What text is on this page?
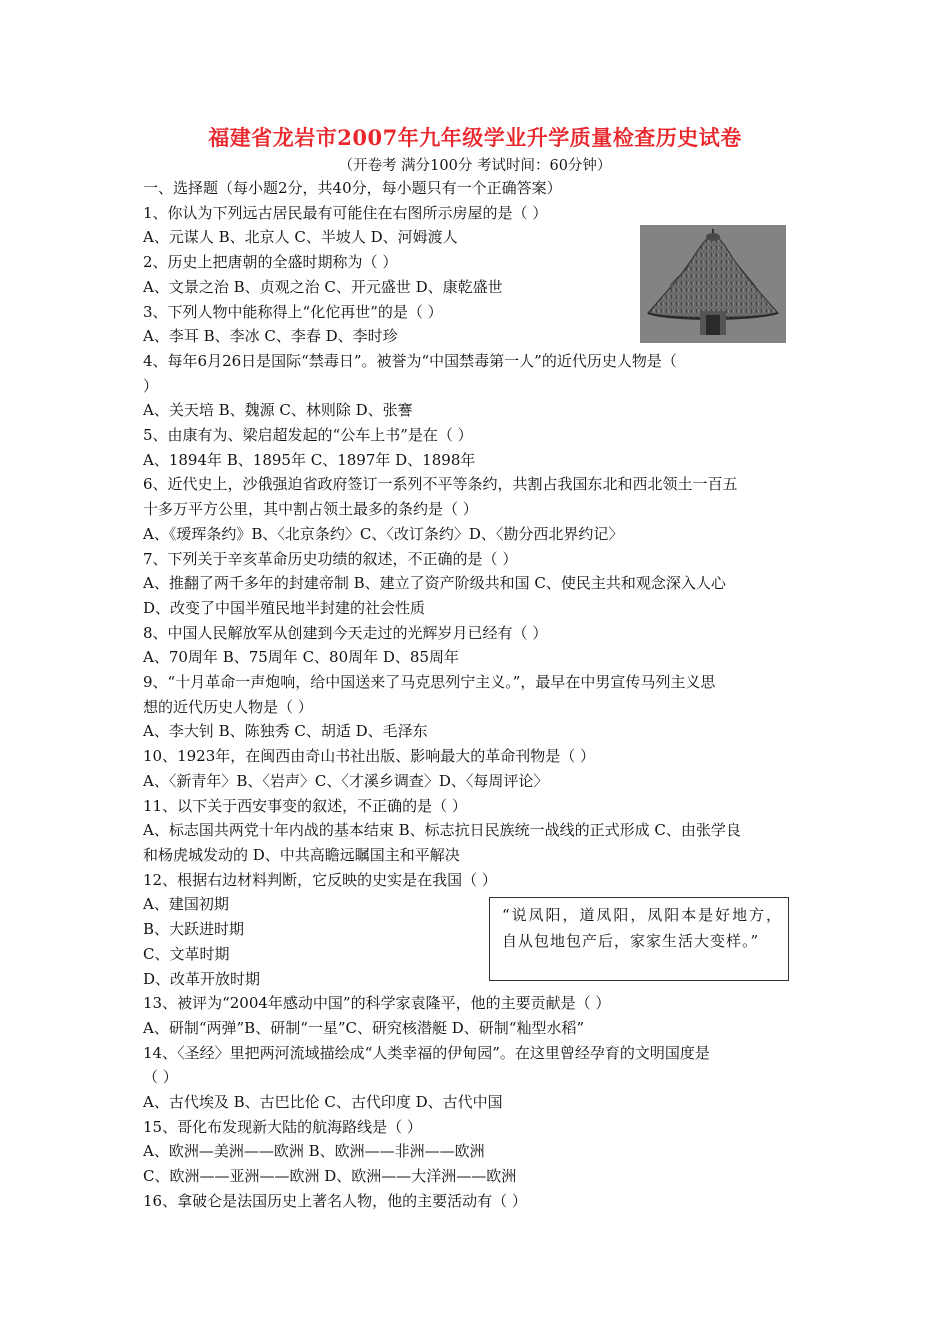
福建省龙岩市2007年九年级学业升学质量检查历史试卷
（开卷考 满分100分 考试时间：60分钟）
一、选择题（每小题2分，共40分，每小题只有一个正确答案）
1、你认为下列远古居民最有可能住在右图所示房屋的是（ ）
A、元谋人 B、北京人 C、半坡人 D、河姆渡人
2、历史上把唐朝的全盛时期称为（ ）
A、文景之治 B、贞观之治 C、开元盛世 D、康乾盛世
3、下列人物中能称得上“化佗再世”的是（ ）
A、李耳 B、李冰 C、李春 D、李时珍
4、每年6月26日是国际“禁毒日”。被誉为“中国禁毒第一人”的近代历史人物是（
）
A、关天培 B、魏源 C、林则除 D、张謇
5、由康有为、梁启超发起的“公车上书”是在（ ）
A、1894年 B、1895年 C、1897年 D、1898年
6、近代史上，沙俄强迫省政府签订一系列不平等条约，共割占我国东北和西北领土一百五
十多万平方公里，其中割占领土最多的条约是（ ）
A、《瑷珲条约》B、〈北京条约〉C、〈改订条约〉D、〈勘分西北界约记〉
7、下列关于辛亥革命历史功绩的叙述，不正确的是（ ）
A、推翻了两千多年的封建帝制 B、建立了资产阶级共和国 C、使民主共和观念深入人心
D、改变了中国半殖民地半封建的社会性质
8、中国人民解放军从创建到今天走过的光辉岁月已经有（ ）
A、70周年 B、75周年 C、80周年 D、85周年
9、“十月革命一声炮响，给中国送来了马克思列宁主义。”，最早在中男宣传马列主义思
想的近代历史人物是（ ）
A、李大钊 B、陈独秀 C、胡适 D、毛泽东
10、1923年，在闽西由奇山书社出版、影响最大的革命刊物是（ ）
A、〈新青年〉B、〈岩声〉C、〈才溪乡调查〉D、〈每周评论〉
11、以下关于西安事变的叙述，不正确的是（ ）
A、标志国共两党十年内战的基本结束 B、标志抗日民族统一战线的正式形成 C、由张学良
和杨虎城发动的 D、中共高瞻远瞩国主和平解决
12、根据右边材料判断，它反映的史实是在我国（ ）
A、建国初期
B、大跃进时期
C、文革时期
D、改革开放时期
13、被评为“2004年感动中国”的科学家袁隆平，他的主要贡献是（ ）
A、研制“两弹”B、研制“一星”C、研究核潜艇 D、研制“籼型水稻”
14、〈圣经〉里把两河流域描绘成“人类幸福的伊甸园”。在这里曾经孕育的文明国度是
（ ）
A、古代埃及 B、古巴比伦 C、古代印度 D、古代中国
15、哥化布发现新大陆的航海路线是（ ）
A、欧洲—美洲——欧洲 B、欧洲——非洲——欧洲
C、欧洲——亚洲——欧洲 D、欧洲——大洋洲——欧洲
16、拿破仑是法国历史上著名人物，他的主要活动有（ ）
“说凤阳，道凤阳，凤阳本是好地方，自从包地包产后，家家生活大变样。”
